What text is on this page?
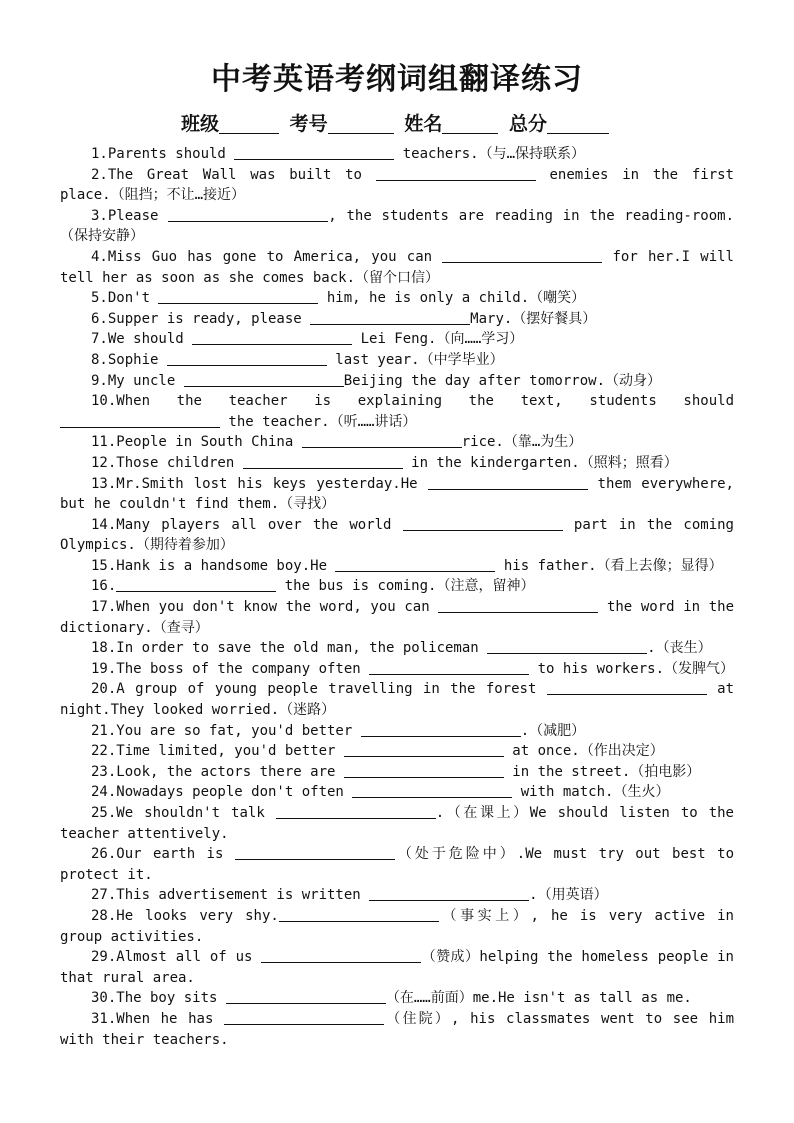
中考英语考纲词组翻译练习
班级	考号	姓名	总分

1.Parents should	teachers.（与…保持联系）

2.The Great Wall was built to	enemies in the first place.（阻挡；不让…接近）

3.Please	, the students are reading in the reading-room.（保持安静）

4.Miss Guo has gone to America, you can	for her.I will tell her as soon as she comes back.（留个口信）

5.Don't	him, he is only a child.（嘲笑）

6.Supper is ready, please	Mary.（摆好餐具）

7.We should	Lei Feng.（向……学习）

8.Sophie	last year.（中学毕业）

9.My uncle	Beijing the day after tomorrow.（动身）

10.When the teacher is explaining the text, students should  the teacher.（听……讲话）

11.People in South China	rice.（靠…为生）

12.Those children	in the kindergarten.（照料；照看）

13.Mr.Smith lost his keys yesterday.He	them everywhere, but he couldn't find them.（寻找）

14.Many players all over the world	part in the coming Olympics.（期待着参加）

15.Hank is a handsome boy.He	his father.（看上去像；显得）

16.	the bus is coming.（注意，留神）

17.When you don't know the word, you can	the word in the dictionary.（查寻）

18.In order to save the old man, the policeman	.（丧生）

19.The boss of the company often	to his workers.（发脾气）

20.A group of young people travelling in the forest	at night.They looked worried.（迷路）

21.You are so fat, you'd better	.（减肥）

22.Time limited, you'd better	at once.（作出决定）

23.Look, the actors there are	in the street.（拍电影）

24.Nowadays people don't often	with match.（生火）

25.We shouldn't talk	.（在课上）We should listen to the teacher attentively.

26.Our earth is	（处于危险中）.We must try out best to protect it.

27.This advertisement is written	.（用英语）

28.He looks very shy.	（事实上）, he is very active in group activities.

29.Almost all of us	（赞成）helping the homeless people in that rural area.

30.The boy sits	（在……前面）me.He isn't as tall as me.

31.When he has	（住院）, his classmates went to see him with their teachers.
